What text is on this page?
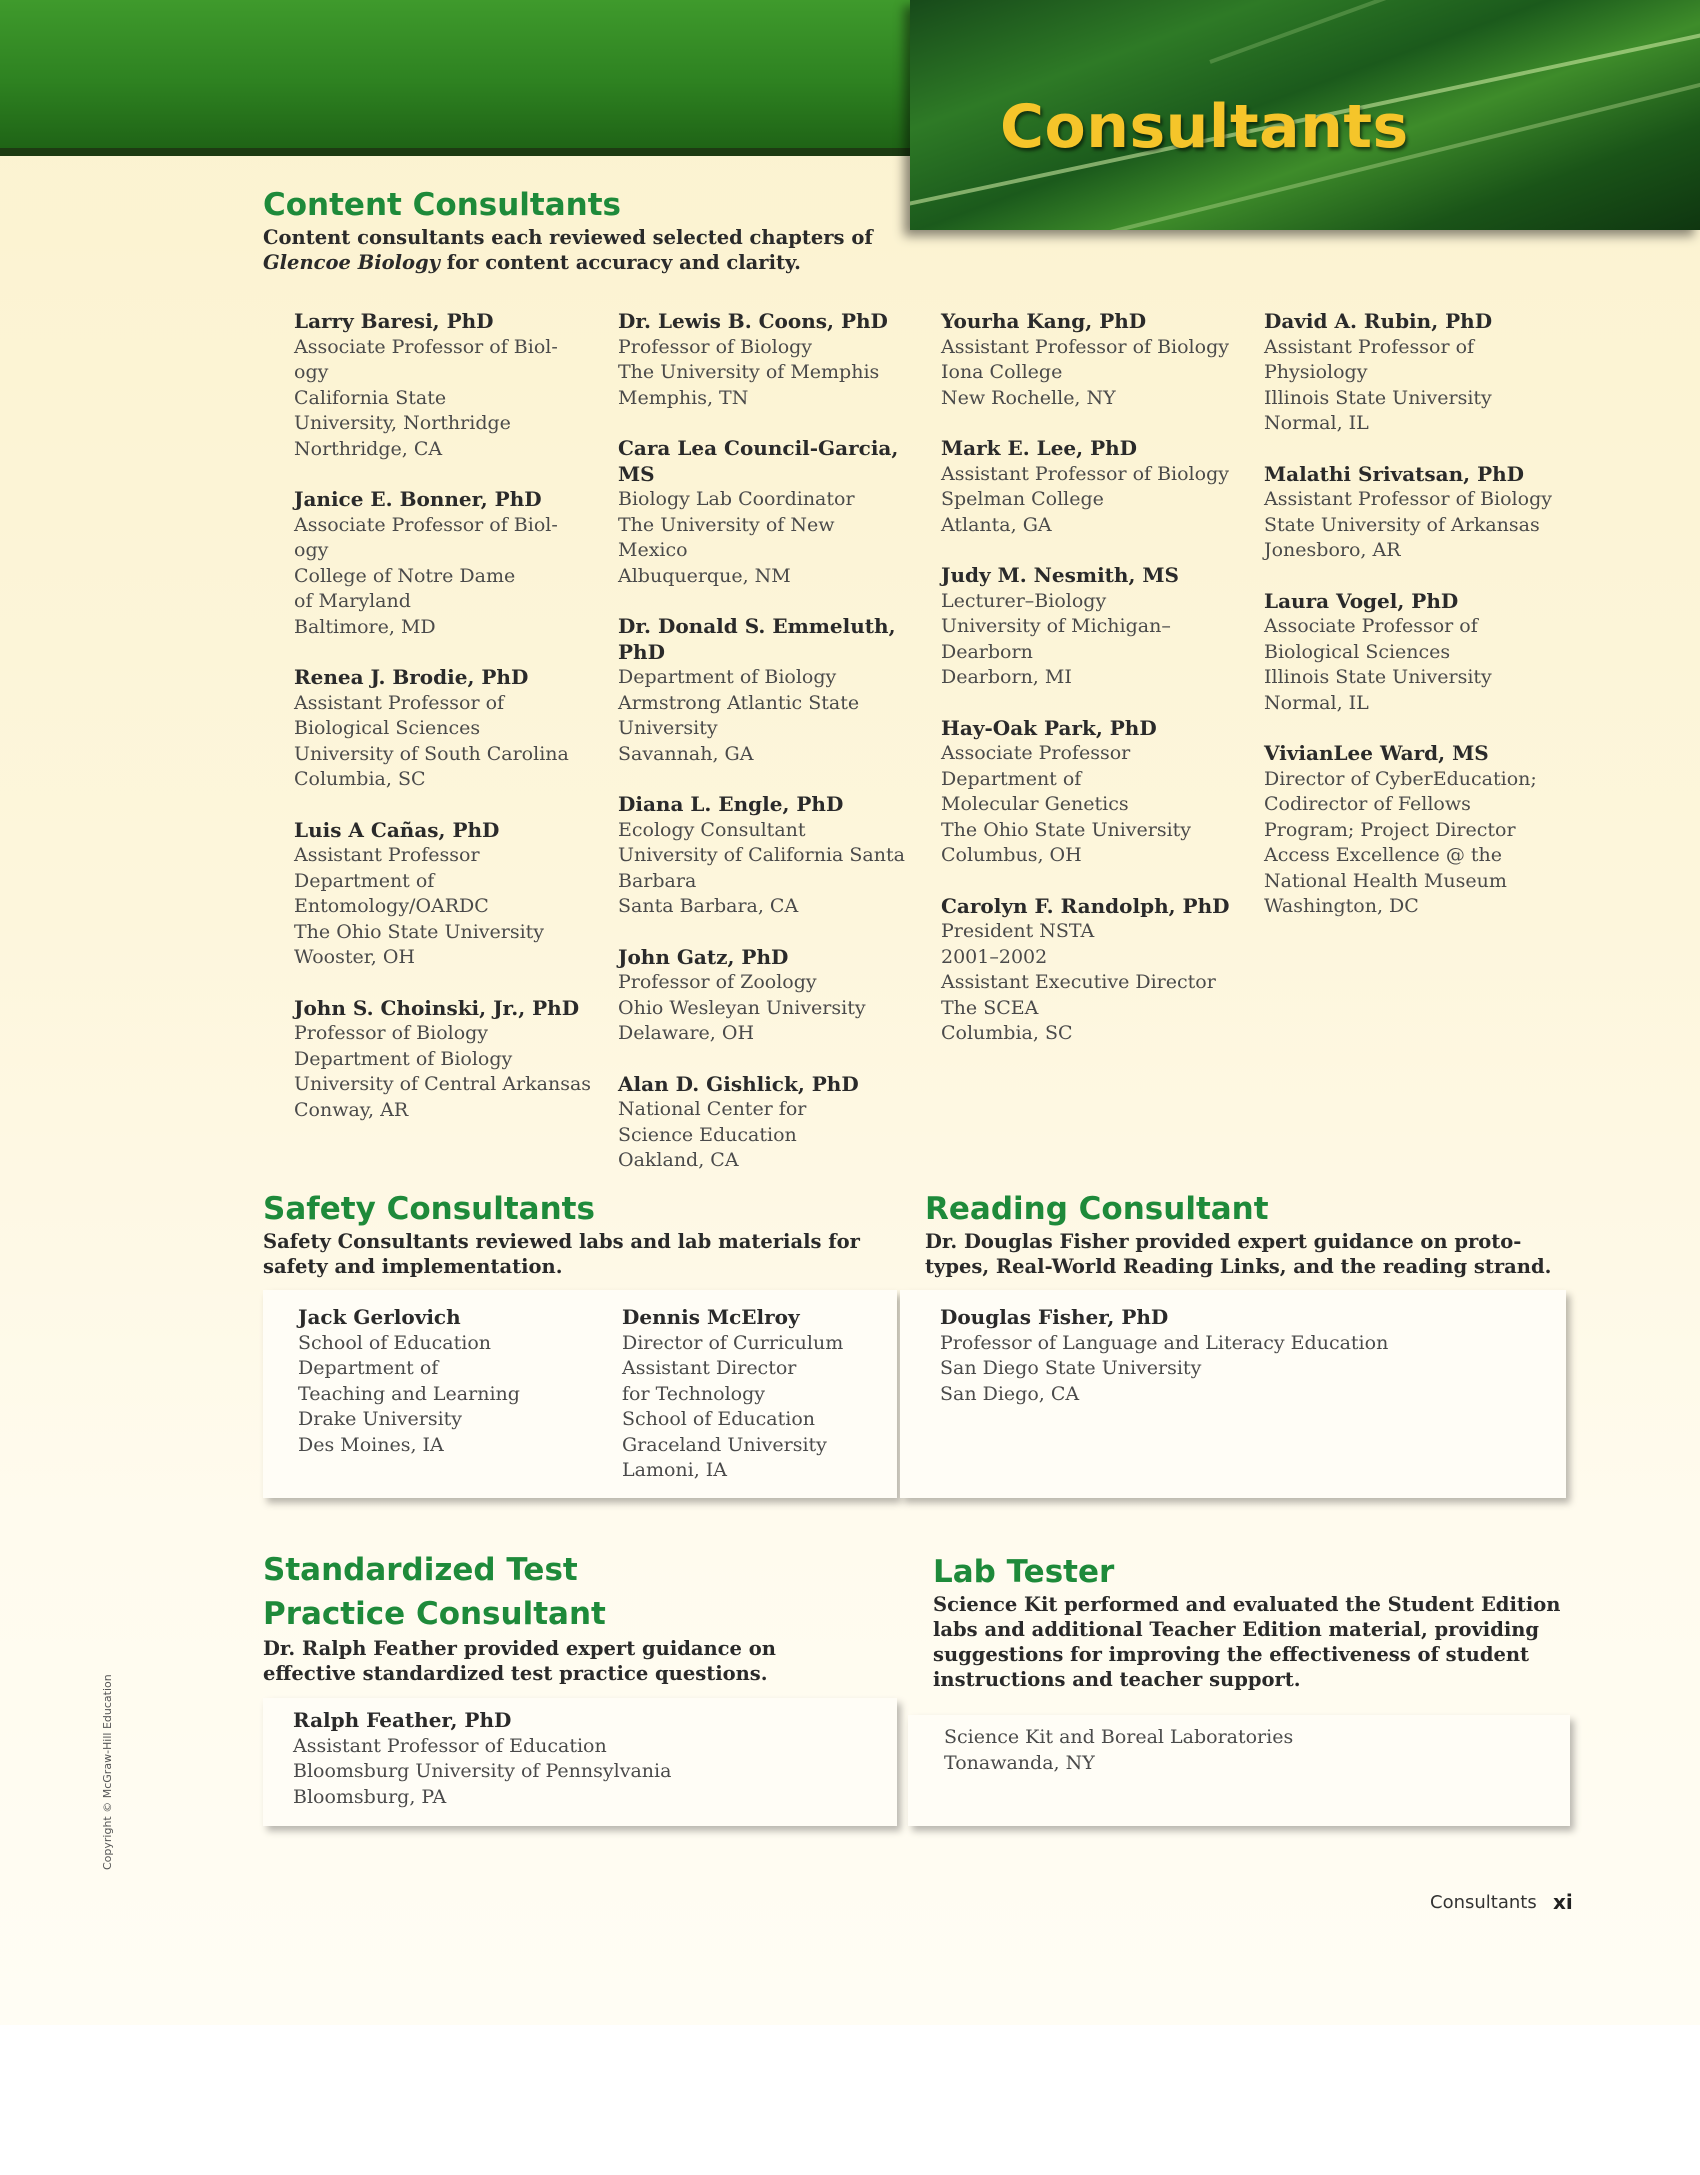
Consultants
Content Consultants
Content consultants each reviewed selected chapters of Glencoe Biology for content accuracy and clarity.
Larry Baresi, PhD
Associate Professor of Biol-
ogy
California State
University, Northridge
Northridge, CA
Janice E. Bonner, PhD
Associate Professor of Biol-
ogy
College of Notre Dame
of Maryland
Baltimore, MD
Renea J. Brodie, PhD
Assistant Professor of
Biological Sciences
University of South Carolina
Columbia, SC
Luis A Cañas, PhD
Assistant Professor
Department of
Entomology/OARDC
The Ohio State University
Wooster, OH
John S. Choinski, Jr., PhD
Professor of Biology
Department of Biology
University of Central Arkansas
Conway, AR
Dr. Lewis B. Coons, PhD
Professor of Biology
The University of Memphis
Memphis, TN
Cara Lea Council-Garcia, MS
Biology Lab Coordinator
The University of New
Mexico
Albuquerque, NM
Dr. Donald S. Emmeluth, PhD
Department of Biology
Armstrong Atlantic State
University
Savannah, GA
Diana L. Engle, PhD
Ecology Consultant
University of California Santa
Barbara
Santa Barbara, CA
John Gatz, PhD
Professor of Zoology
Ohio Wesleyan University
Delaware, OH
Alan D. Gishlick, PhD
National Center for
Science Education
Oakland, CA
Yourha Kang, PhD
Assistant Professor of Biology
Iona College
New Rochelle, NY
Mark E. Lee, PhD
Assistant Professor of Biology
Spelman College
Atlanta, GA
Judy M. Nesmith, MS
Lecturer–Biology
University of Michigan–
Dearborn
Dearborn, MI
Hay-Oak Park, PhD
Associate Professor
Department of
Molecular Genetics
The Ohio State University
Columbus, OH
Carolyn F. Randolph, PhD
President NSTA
2001–2002
Assistant Executive Director
The SCEA
Columbia, SC
David A. Rubin, PhD
Assistant Professor of
Physiology
Illinois State University
Normal, IL
Malathi Srivatsan, PhD
Assistant Professor of Biology
State University of Arkansas
Jonesboro, AR
Laura Vogel, PhD
Associate Professor of
Biological Sciences
Illinois State University
Normal, IL
VivianLee Ward, MS
Director of CyberEducation;
Codirector of Fellows
Program; Project Director
Access Excellence @ the
National Health Museum
Washington, DC
Safety Consultants
Safety Consultants reviewed labs and lab materials for safety and implementation.
Jack Gerlovich
School of Education
Department of
Teaching and Learning
Drake University
Des Moines, IA
Dennis McElroy
Director of Curriculum
Assistant Director
for Technology
School of Education
Graceland University
Lamoni, IA
Reading Consultant
Dr. Douglas Fisher provided expert guidance on proto-types, Real-World Reading Links, and the reading strand.
Douglas Fisher, PhD
Professor of Language and Literacy Education
San Diego State University
San Diego, CA
Standardized Test
Practice Consultant
Dr. Ralph Feather provided expert guidance on effective standardized test practice questions.
Ralph Feather, PhD
Assistant Professor of Education
Bloomsburg University of Pennsylvania
Bloomsburg, PA
Lab Tester
Science Kit performed and evaluated the Student Edition labs and additional Teacher Edition material, providing suggestions for improving the effectiveness of student instructions and teacher support.
Science Kit and Boreal Laboratories
Tonawanda, NY
Copyright © McGraw-Hill Education
Consultants xi
